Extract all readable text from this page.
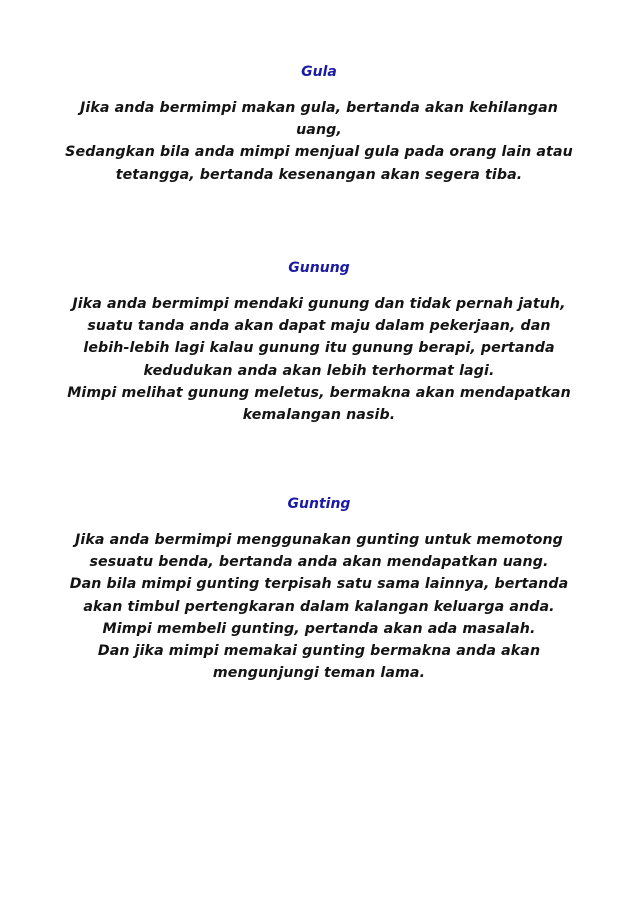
Gula
Jika anda bermimpi makan gula, bertanda akan kehilangan
uang,
Sedangkan bila anda mimpi menjual gula pada orang lain atau
tetangga, bertanda kesenangan akan segera tiba.
Gunung
Jika anda bermimpi mendaki gunung dan tidak pernah jatuh,
suatu tanda anda akan dapat maju dalam pekerjaan, dan
lebih-lebih lagi kalau gunung itu gunung berapi, pertanda
kedudukan anda akan lebih terhormat lagi.
Mimpi melihat gunung meletus, bermakna akan mendapatkan
kemalangan nasib.
Gunting
Jika anda bermimpi menggunakan gunting untuk memotong
sesuatu benda, bertanda anda akan mendapatkan uang.
Dan bila mimpi gunting terpisah satu sama lainnya, bertanda
akan timbul pertengkaran dalam kalangan keluarga anda.
Mimpi membeli gunting, pertanda akan ada masalah.
Dan jika mimpi memakai gunting bermakna anda akan
mengunjungi teman lama.
